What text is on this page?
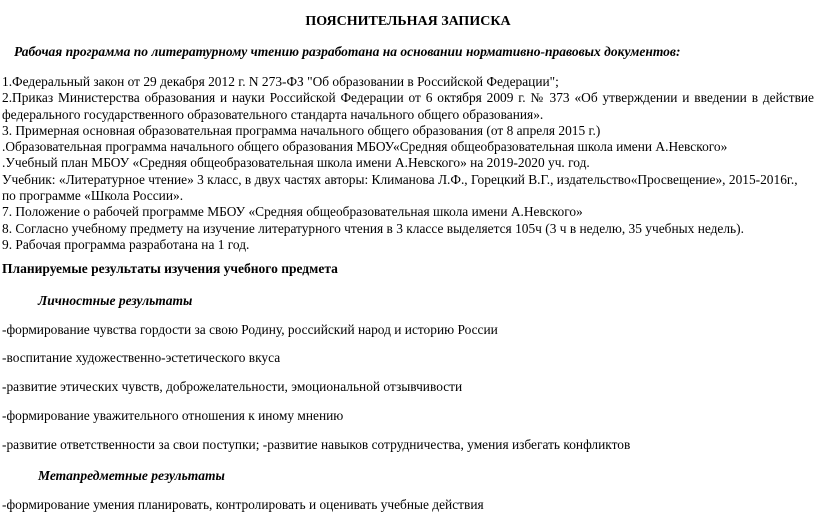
ПОЯСНИТЕЛЬНАЯ ЗАПИСКА
Рабочая программа по литературному чтению разработана на основании нормативно-правовых документов:
1.Федеральный закон от 29 декабря 2012 г. N 273-ФЗ "Об образовании в Российской Федерации";
2.Приказ Министерства образования и науки Российской Федерации от 6 октября 2009 г. № 373 «Об утверждении и введении в действие
федерального государственного образовательного стандарта начального общего образования».
3. Примерная основная образовательная программа начального общего образования (от 8 апреля 2015 г.)
.Образовательная программа начального общего образования МБОУ«Средняя общеобразовательная школа имени А.Невского»
.Учебный план МБОУ «Средняя общеобразовательная школа имени А.Невского» на 2019-2020 уч. год.
Учебник: «Литературное чтение» 3 класс, в двух частях авторы: Климанова Л.Ф., Горецкий В.Г., издательство«Просвещение», 2015-2016г.,
по программе «Школа России».
7. Положение о рабочей программе МБОУ «Средняя общеобразовательная школа имени А.Невского»
8. Согласно учебному предмету на изучение литературного чтения в 3 классе выделяется 105ч (3 ч в неделю, 35 учебных недель).
9. Рабочая программа разработана на 1 год.
Планируемые результаты изучения учебного предмета
Личностные результаты
-формирование чувства гордости за свою Родину, российский народ и историю России
-воспитание художественно-эстетического вкуса
-развитие этических чувств, доброжелательности, эмоциональной отзывчивости
-формирование уважительного отношения к иному мнению
-развитие ответственности за свои поступки; -развитие навыков сотрудничества, умения избегать конфликтов
Метапредметные результаты
-формирование умения планировать, контролировать и оценивать учебные действия
